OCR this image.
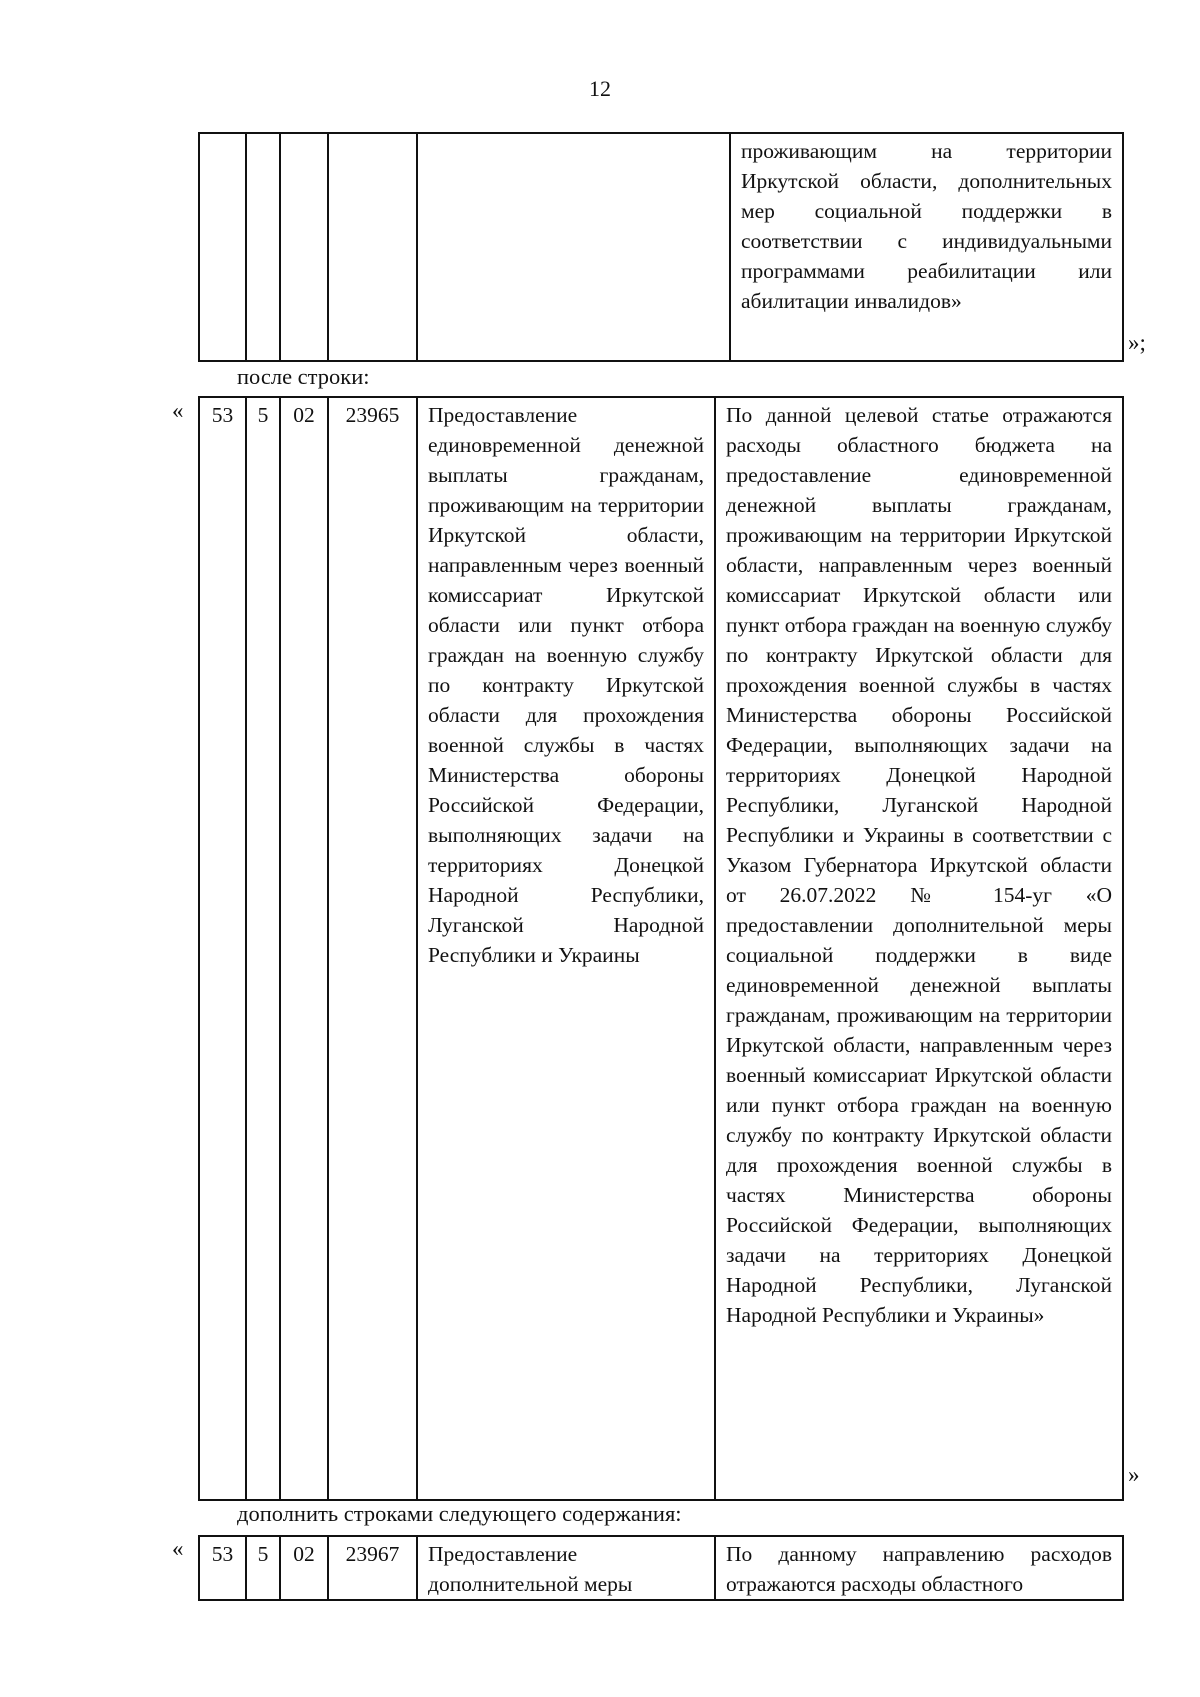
12
					проживающим на территории Иркутской области, дополнительных мер социальной поддержки в соответствии с индивидуальными программами реабилитации или абилитации инвалидов»
»;
после строки:
« 53	5	02	23965	Предоставление единовременной денежной выплаты гражданам, проживающим на территории Иркутской области, направленным через военный комиссариат Иркутской области или пункт отбора граждан на военную службу по контракту Иркутской области для прохождения военной службы в частях Министерства обороны Российской Федерации, выполняющих задачи на территориях Донецкой Народной Республики, Луганской Народной Республики и Украины	По данной целевой статье отражаются расходы областного бюджета на предоставление единовременной денежной выплаты гражданам, проживающим на территории Иркутской области, направленным через военный комиссариат Иркутской области или пункт отбора граждан на военную службу по контракту Иркутской области для прохождения военной службы в частях Министерства обороны Российской Федерации, выполняющих задачи на территориях Донецкой Народной Республики, Луганской Народной Республики и Украины в соответствии с Указом Губернатора Иркутской области от 26.07.2022 № 154-уг «О предоставлении дополнительной меры социальной поддержки в виде единовременной денежной выплаты гражданам, проживающим на территории Иркутской области, направленным через военный комиссариат Иркутской области или пункт отбора граждан на военную службу по контракту Иркутской области для прохождения военной службы в частях Министерства обороны Российской Федерации, выполняющих задачи на территориях Донецкой Народной Республики, Луганской Народной Республики и Украины»
»
дополнить строками следующего содержания:
« 53	5	02	23967	Предоставление дополнительной меры	По данному направлению расходов отражаются расходы областного
